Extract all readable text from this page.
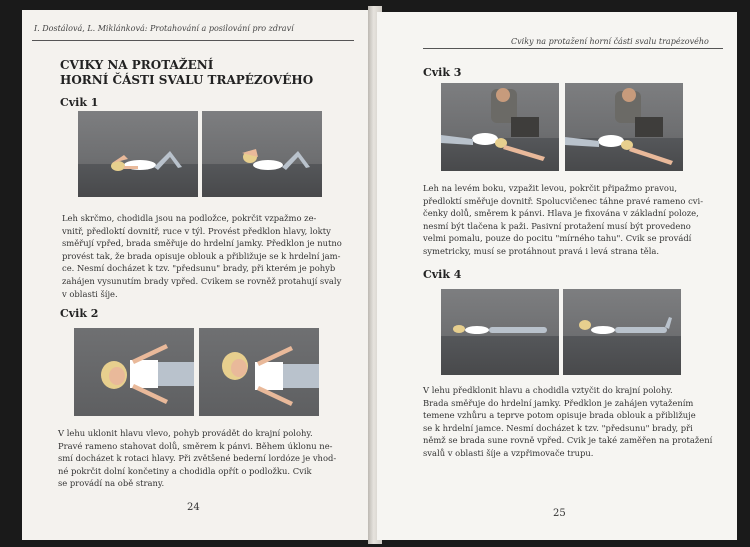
I. Dostálová, L. Miklánková: Protahování a posilování pro zdraví
CVIKY NA PROTAŽENÍ
HORNÍ ČÁSTI SVALU TRAPÉZOVÉHO
Cvik 1
Leh skrčmo, chodidla jsou na podložce, pokrčit vzpažmo ze-
vnitř, předloktí dovnitř, ruce v týl. Provést předklon hlavy, lokty
směřují vpřed, brada směřuje do hrdelní jamky. Předklon je nutno
provést tak, že brada opisuje oblouk a přibližuje se k hrdelní jam-
ce. Nesmí docházet k tzv. "předsunu" brady, při kterém je pohyb
zahájen vysunutím brady vpřed. Cvikem se rovněž protahují svaly
v oblasti šíje.
Cvik 2
V lehu uklonit hlavu vlevo, pohyb provádět do krajní polohy.
Pravé rameno stahovat dolů, směrem k pánvi. Během úklonu ne-
smí docházet k rotaci hlavy. Při zvětšené bederní lordóze je vhod-
né pokrčit dolní končetiny a chodidla opřít o podložku. Cvik
se provádí na obě strany.
24
Cviky na protažení horní části svalu trapézového
Cvik 3
Leh na levém boku, vzpažit levou, pokrčit připažmo pravou,
předloktí směřuje dovnitř. Spolucvičenec táhne pravé rameno cvi-
čenky dolů, směrem k pánvi. Hlava je fixována v základní poloze,
nesmí být tlačena k paži. Pasivní protažení musí být provedeno
velmi pomalu, pouze do pocitu "mírného tahu". Cvik se provádí
symetricky, musí se protáhnout pravá i levá strana těla.
Cvik 4
V lehu předklonit hlavu a chodidla vztyčit do krajní polohy.
Brada směřuje do hrdelní jamky. Předklon je zahájen vytažením
temene vzhůru a teprve potom opisuje brada oblouk a přibližuje
se k hrdelní jamce. Nesmí docházet k tzv. "předsunu" brady, při
němž se brada sune rovně vpřed. Cvik je také zaměřen na protažení
svalů v oblasti šíje a vzpřimovače trupu.
25
